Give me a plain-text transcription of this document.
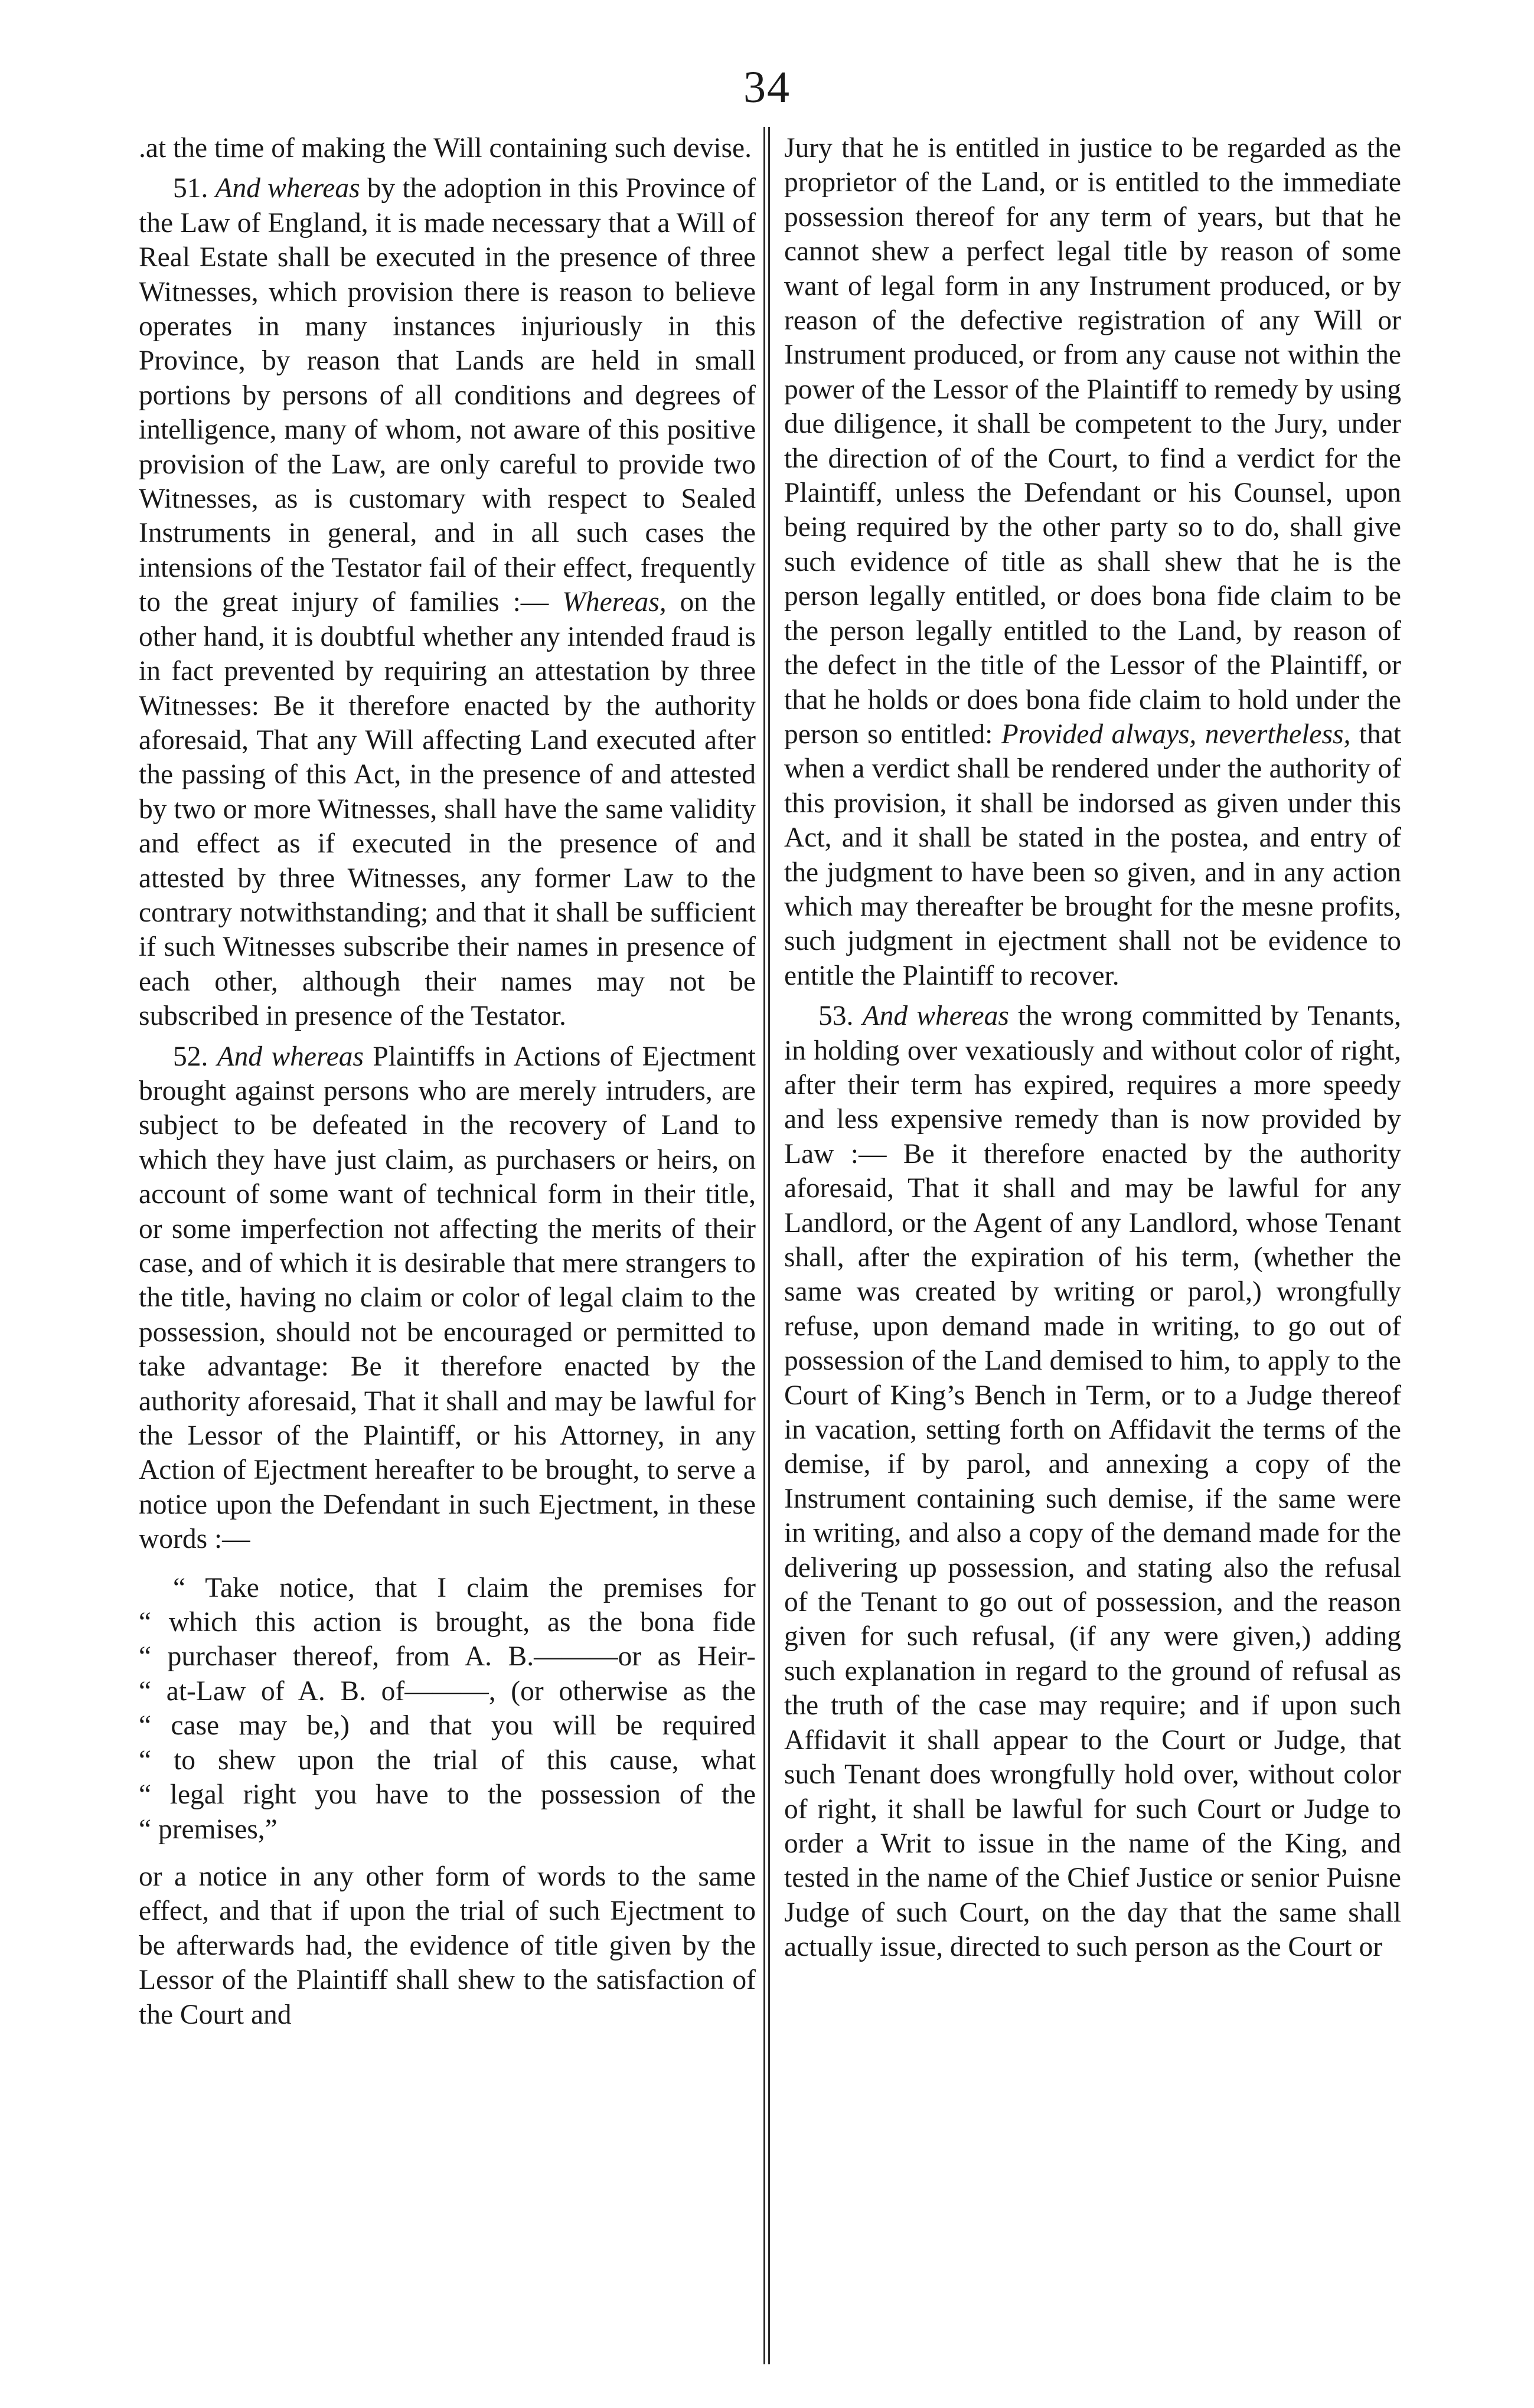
34

.at the time of making the Will containing such devise.

51. And whereas by the adoption in this Province of the Law of England, it is made necessary that a Will of Real Estate shall be executed in the presence of three Witnesses, which provision there is reason to believe operates in many instances injuriously in this Province, by reason that Lands are held in small portions by persons of all conditions and degrees of intelligence, many of whom, not aware of this positive provision of the Law, are only careful to provide two Witnesses, as is customary with respect to Sealed Instruments in general, and in all such cases the intensions of the Testator fail of their effect, frequently to the great injury of families :— Whereas, on the other hand, it is doubtful whether any intended fraud is in fact prevented by requiring an attestation by three Witnesses: Be it therefore enacted by the authority aforesaid, That any Will affecting Land executed after the passing of this Act, in the presence of and attested by two or more Witnesses, shall have the same validity and effect as if executed in the presence of and attested by three Witnesses, any former Law to the contrary notwithstanding; and that it shall be sufficient if such Witnesses subscribe their names in presence of each other, although their names may not be subscribed in presence of the Testator.

52. And whereas Plaintiffs in Actions of Ejectment brought against persons who are merely intruders, are subject to be defeated in the recovery of Land to which they have just claim, as purchasers or heirs, on account of some want of technical form in their title, or some imperfection not affecting the merits of their case, and of which it is desirable that mere strangers to the title, having no claim or color of legal claim to the possession, should not be encouraged or permitted to take advantage: Be it therefore enacted by the authority aforesaid, That it shall and may be lawful for the Lessor of the Plaintiff, or his Attorney, in any Action of Ejectment hereafter to be brought, to serve a notice upon the Defendant in such Ejectment, in these words :—

“ Take notice, that I claim the premises for
“ which this action is brought, as the bona fide
“ purchaser thereof, from A. B.———or as Heir-
“ at-Law of A. B. of———, (or otherwise as the
“ case may be,) and that you will be required
“ to shew upon the trial of this cause, what
“ legal right you have to the possession of the
“ premises,”

or a notice in any other form of words to the same effect, and that if upon the trial of such Ejectment to be afterwards had, the evidence of title given by the Lessor of the Plaintiff shall shew to the satisfaction of the Court and

Jury that he is entitled in justice to be regarded as the proprietor of the Land, or is entitled to the immediate possession thereof for any term of years, but that he cannot shew a perfect legal title by reason of some want of legal form in any Instrument produced, or by reason of the defective registration of any Will or Instrument produced, or from any cause not within the power of the Lessor of the Plaintiff to remedy by using due diligence, it shall be competent to the Jury, under the direction of of the Court, to find a verdict for the Plaintiff, unless the Defendant or his Counsel, upon being required by the other party so to do, shall give such evidence of title as shall shew that he is the person legally entitled, or does bona fide claim to be the person legally entitled to the Land, by reason of the defect in the title of the Lessor of the Plaintiff, or that he holds or does bona fide claim to hold under the person so entitled: Provided always, nevertheless, that when a verdict shall be rendered under the authority of this provision, it shall be indorsed as given under this Act, and it shall be stated in the postea, and entry of the judgment to have been so given, and in any action which may thereafter be brought for the mesne profits, such judgment in ejectment shall not be evidence to entitle the Plaintiff to recover.

53. And whereas the wrong committed by Tenants, in holding over vexatiously and without color of right, after their term has expired, requires a more speedy and less expensive remedy than is now provided by Law :— Be it therefore enacted by the authority aforesaid, That it shall and may be lawful for any Landlord, or the Agent of any Landlord, whose Tenant shall, after the expiration of his term, (whether the same was created by writing or parol,) wrongfully refuse, upon demand made in writing, to go out of possession of the Land demised to him, to apply to the Court of King’s Bench in Term, or to a Judge thereof in vacation, setting forth on Affidavit the terms of the demise, if by parol, and annexing a copy of the Instrument containing such demise, if the same were in writing, and also a copy of the demand made for the delivering up possession, and stating also the refusal of the Tenant to go out of possession, and the reason given for such refusal, (if any were given,) adding such explanation in regard to the ground of refusal as the truth of the case may require; and if upon such Affidavit it shall appear to the Court or Judge, that such Tenant does wrongfully hold over, without color of right, it shall be lawful for such Court or Judge to order a Writ to issue in the name of the King, and tested in the name of the Chief Justice or senior Puisne Judge of such Court, on the day that the same shall actually issue, directed to such person as the Court or
